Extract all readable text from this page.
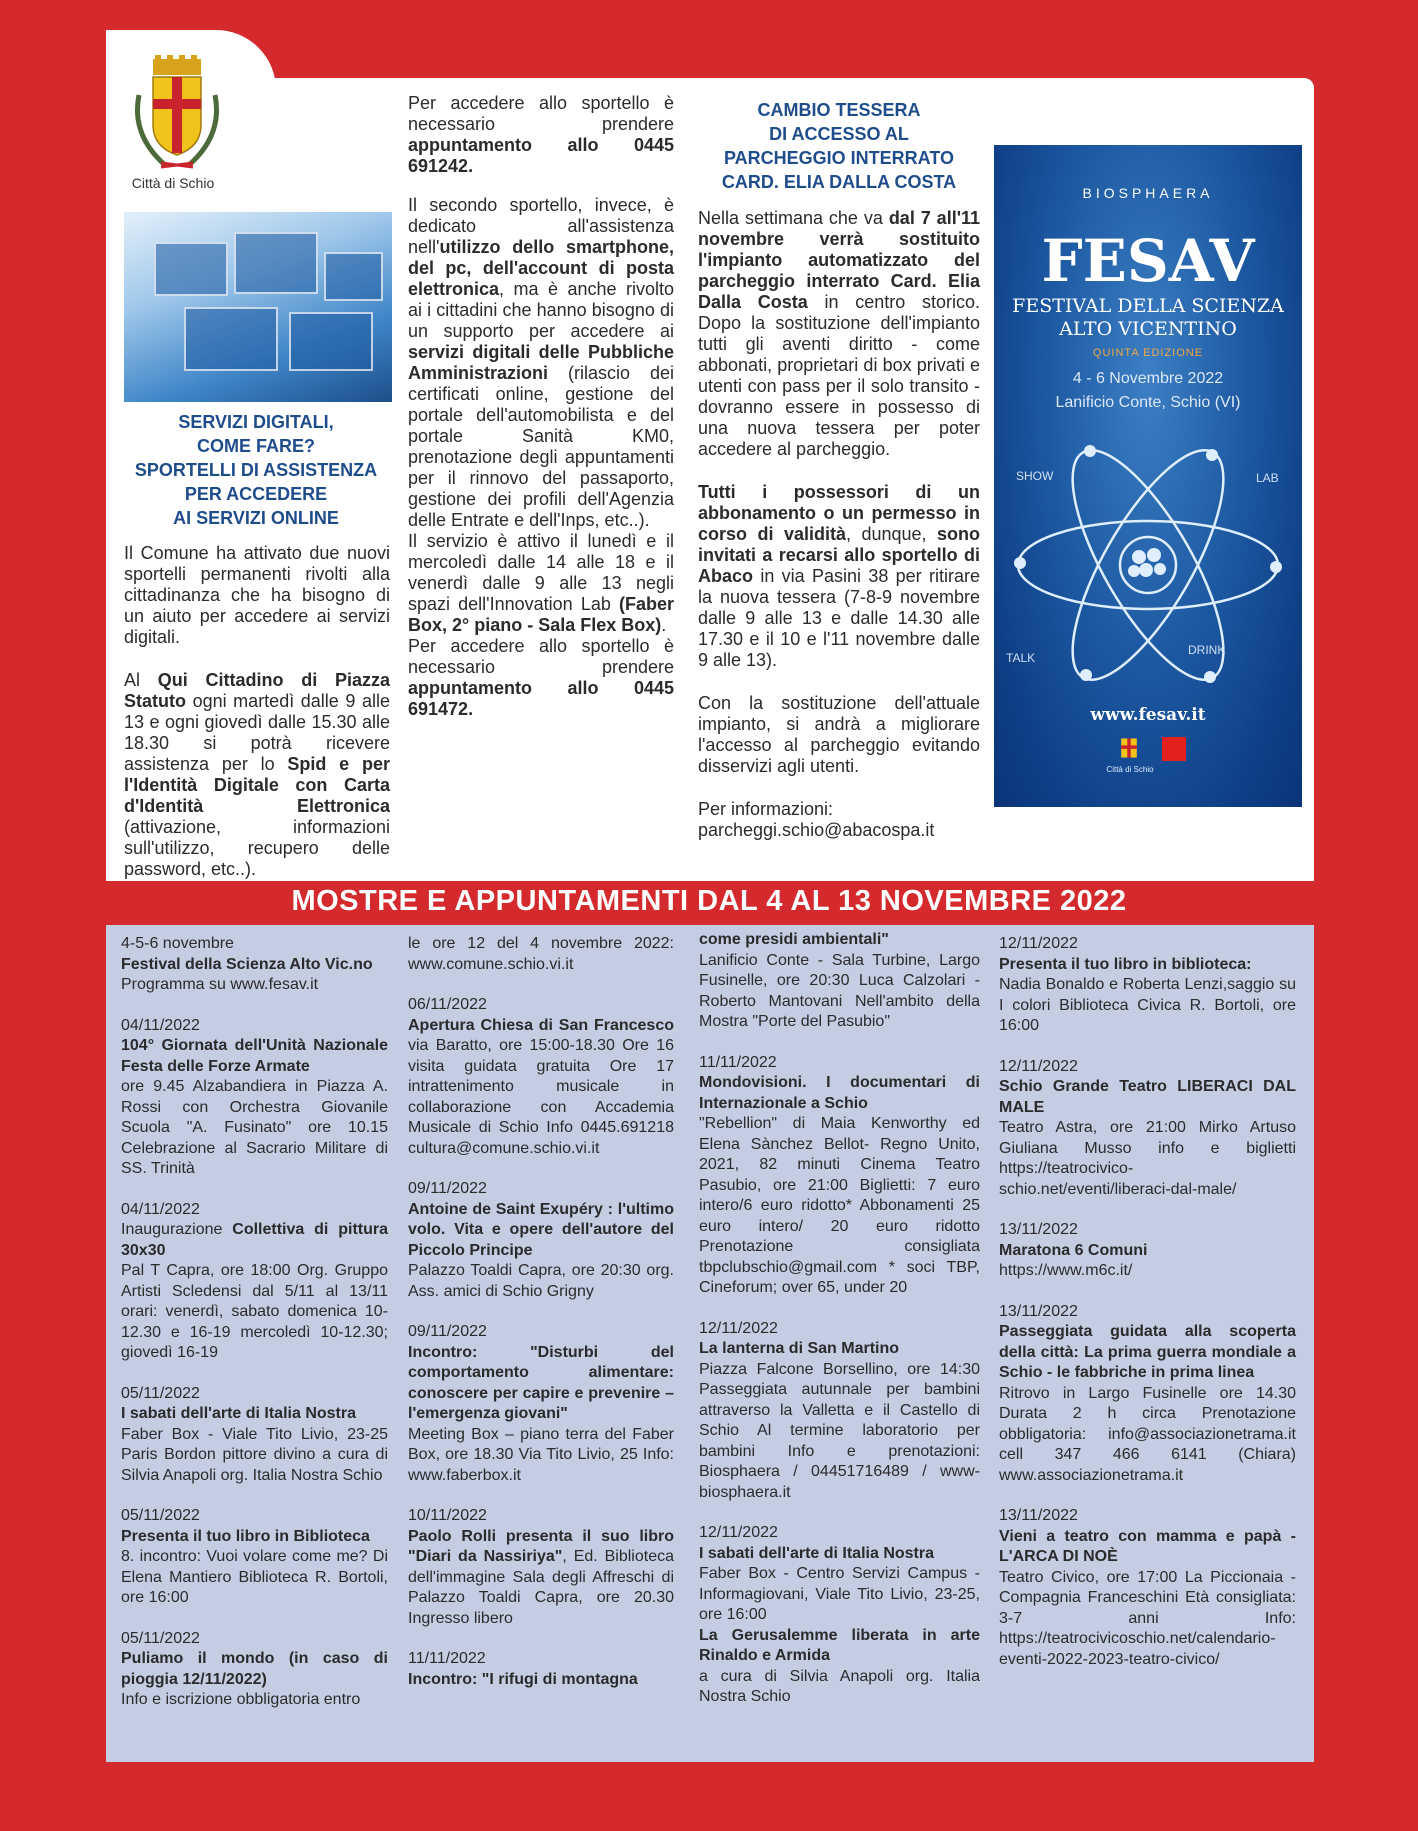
Città di Schio
SERVIZI DIGITALI,
COME FARE?
SPORTELLI DI ASSISTENZA
PER ACCEDERE
AI SERVIZI ONLINE

Il Comune ha attivato due nuovi sportelli permanenti rivolti alla cittadinanza che ha bisogno di un aiuto per accedere ai servizi digitali.

Al Qui Cittadino di Piazza Statuto ogni martedì dalle 9 alle 13 e ogni giovedì dalle 15.30 alle 18.30 si potrà ricevere assistenza per lo Spid e per l'Identità Digitale con Carta d'Identità Elettronica (attivazione, informazioni sull'utilizzo, recupero delle password, etc..).

Per accedere allo sportello è necessario prendere appuntamento allo 0445 691242.

Il secondo sportello, invece, è dedicato all'assistenza nell'utilizzo dello smartphone, del pc, dell'account di posta elettronica, ma è anche rivolto ai i cittadini che hanno bisogno di un supporto per accedere ai servizi digitali delle Pubbliche Amministrazioni (rilascio dei certificati online, gestione del portale dell'automobilista e del portale Sanità KM0, prenotazione degli appuntamenti per il rinnovo del passaporto, gestione dei profili dell'Agenzia delle Entrate e dell'Inps, etc..).

Il servizio è attivo il lunedì e il mercoledì dalle 14 alle 18 e il venerdì dalle 9 alle 13 negli spazi dell'Innovation Lab (Faber Box, 2° piano - Sala Flex Box).

Per accedere allo sportello è necessario prendere appuntamento allo 0445 691472.

CAMBIO TESSERA
DI ACCESSO AL
PARCHEGGIO INTERRATO
CARD. ELIA DALLA COSTA

Nella settimana che va dal 7 all'11 novembre verrà sostituito l'impianto automatizzato del parcheggio interrato Card. Elia Dalla Costa in centro storico. Dopo la sostituzione dell'impianto tutti gli aventi diritto - come abbonati, proprietari di box privati e utenti con pass per il solo transito - dovranno essere in possesso di una nuova tessera per poter accedere al parcheggio.

Tutti i possessori di un abbonamento o un permesso in corso di validità, dunque, sono invitati a recarsi allo sportello di Abaco in via Pasini 38 per ritirare la nuova tessera (7-8-9 novembre dalle 9 alle 13 e dalle 14.30 alle 17.30 e il 10 e l'11 novembre dalle 9 alle 13).

Con la sostituzione dell'attuale impianto, si andrà a migliorare l'accesso al parcheggio evitando disservizi agli utenti.

Per informazioni:
parcheggi.schio@abacospa.it

BIOSPHAERA
FESAV
FESTIVAL DELLA SCIENZA
ALTO VICENTINO
QUINTA EDIZIONE
4 - 6 Novembre 2022
Lanificio Conte, Schio (VI)
SHOW	LAB
TALK
DRINK
www.fesav.it
Città di Schio
MOSTRE E APPUNTAMENTI DAL 4 AL 13 NOVEMBRE 2022
4-5-6 novembre
Festival della Scienza Alto Vic.no
Programma su www.fesav.it
04/11/2022
104° Giornata dell'Unità Nazionale Festa delle Forze Armate
ore 9.45 Alzabandiera in Piazza A. Rossi con Orchestra Giovanile Scuola "A. Fusinato" ore 10.15 Celebrazione al Sacrario Militare di SS. Trinità
04/11/2022
Inaugurazione Collettiva di pittura 30x30
Pal T Capra, ore 18:00 Org. Gruppo Artisti Scledensi dal 5/11 al 13/11 orari: venerdì, sabato domenica 10-12.30 e 16-19 mercoledì 10-12.30; giovedì 16-19
05/11/2022
I sabati dell'arte di Italia Nostra
Faber Box - Viale Tito Livio, 23-25 Paris Bordon pittore divino a cura di Silvia Anapoli org. Italia Nostra Schio
05/11/2022
Presenta il tuo libro in Biblioteca
8. incontro: Vuoi volare come me? Di Elena Mantiero Biblioteca R. Bortoli, ore 16:00
05/11/2022
Puliamo il mondo (in caso di pioggia 12/11/2022)
Info e iscrizione obbligatoria entro
le ore 12 del 4 novembre 2022: www.comune.schio.vi.it
06/11/2022
Apertura Chiesa di San Francesco via Baratto, ore 15:00-18.30 Ore 16 visita guidata gratuita Ore 17 intrattenimento musicale in collaborazione con Accademia Musicale di Schio Info 0445.691218 cultura@comune.schio.vi.it
09/11/2022
Antoine de Saint Exupéry : l'ultimo volo. Vita e opere dell'autore del Piccolo Principe
Palazzo Toaldi Capra, ore 20:30 org. Ass. amici di Schio Grigny
09/11/2022
Incontro: "Disturbi del comportamento alimentare: conoscere per capire e prevenire – l'emergenza giovani"
Meeting Box – piano terra del Faber Box, ore 18.30 Via Tito Livio, 25 Info: www.faberbox.it
10/11/2022
Paolo Rolli presenta il suo libro "Diari da Nassiriya", Ed. Biblioteca dell'immagine Sala degli Affreschi di Palazzo Toaldi Capra, ore 20.30 Ingresso libero
11/11/2022
Incontro: "I rifugi di montagna
come presidi ambientali"
Lanificio Conte - Sala Turbine, Largo Fusinelle, ore 20:30 Luca Calzolari - Roberto Mantovani Nell'ambito della Mostra "Porte del Pasubio"
11/11/2022
Mondovisioni. I documentari di Internazionale a Schio
"Rebellion" di Maia Kenworthy ed Elena Sànchez Bellot- Regno Unito, 2021, 82 minuti Cinema Teatro Pasubio, ore 21:00 Biglietti: 7 euro intero/6 euro ridotto* Abbonamenti 25 euro intero/ 20 euro ridotto Prenotazione consigliata tbpclubschio@gmail.com * soci TBP, Cineforum; over 65, under 20
12/11/2022
La lanterna di San Martino
Piazza Falcone Borsellino, ore 14:30 Passeggiata autunnale per bambini attraverso la Valletta e il Castello di Schio Al termine laboratorio per bambini Info e prenotazioni: Biosphaera / 04451716489 / www-biosphaera.it
12/11/2022
I sabati dell'arte di Italia Nostra
Faber Box - Centro Servizi Campus - Informagiovani, Viale Tito Livio, 23-25, ore 16:00
La Gerusalemme liberata in arte Rinaldo e Armida
a cura di Silvia Anapoli org. Italia Nostra Schio
12/11/2022
Presenta il tuo libro in biblioteca:
Nadia Bonaldo e Roberta Lenzi,saggio su I colori Biblioteca Civica R. Bortoli, ore 16:00
12/11/2022
Schio Grande Teatro LIBERACI DAL MALE
Teatro Astra, ore 21:00 Mirko Artuso Giuliana Musso info e biglietti https://teatrocivico-schio.net/eventi/liberaci-dal-male/
13/11/2022
Maratona 6 Comuni
https://www.m6c.it/
13/11/2022
Passeggiata guidata alla scoperta della città: La prima guerra mondiale a Schio - le fabbriche in prima linea
Ritrovo in Largo Fusinelle ore 14.30 Durata 2 h circa Prenotazione obbligatoria: info@associazionetrama.it cell 347 466 6141 (Chiara) www.associazionetrama.it
13/11/2022
Vieni a teatro con mamma e papà - L'ARCA DI NOÈ
Teatro Civico, ore 17:00 La Piccionaia - Compagnia Franceschini Età consigliata: 3-7 anni Info: https://teatrocivicoschio.net/calendario-eventi-2022-2023-teatro-civico/
